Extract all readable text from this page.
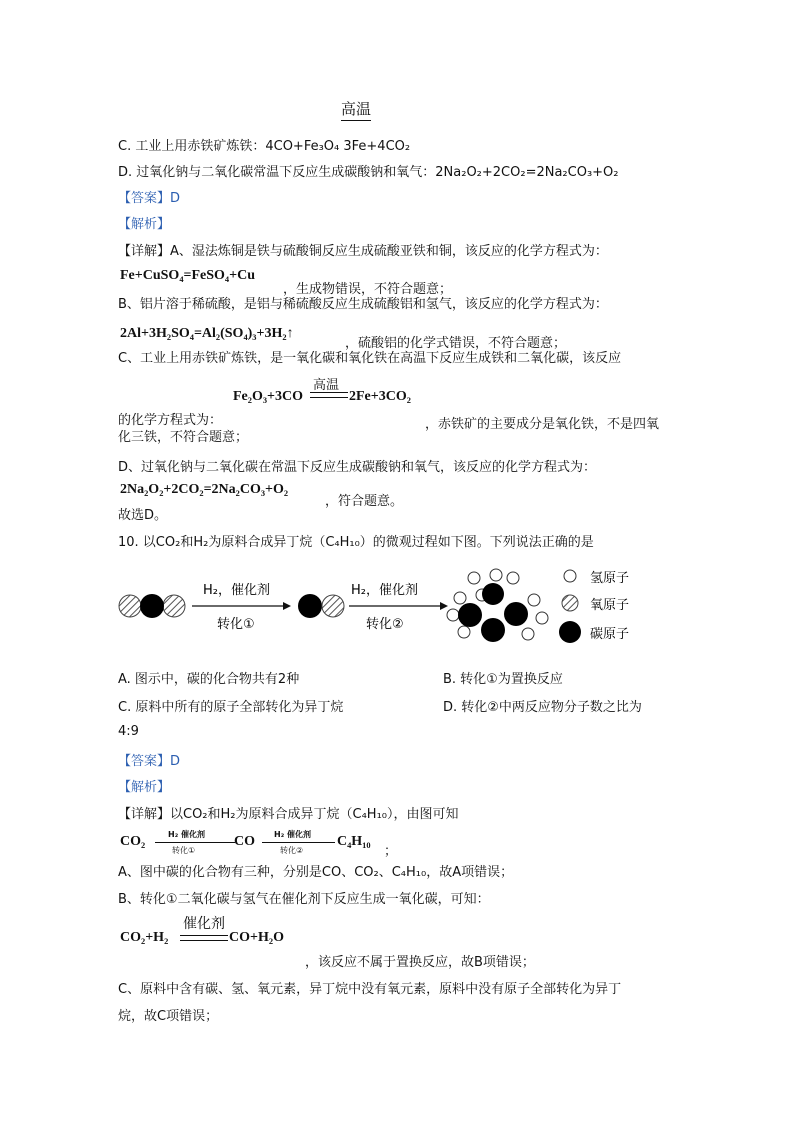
高温
C. 工业上用赤铁矿炼铁：4CO+Fe₃O₄ 3Fe+4CO₂
D. 过氧化钠与二氧化碳常温下反应生成碳酸钠和氧气：2Na₂O₂+2CO₂=2Na₂CO₃+O₂
【答案】D
【解析】
【详解】A、湿法炼铜是铁与硫酸铜反应生成硫酸亚铁和铜，该反应的化学方程式为：
Fe+CuSO₄=FeSO₄+Cu
，生成物错误，不符合题意；
B、铝片溶于稀硫酸，是铝与稀硫酸反应生成硫酸铝和氢气，该反应的化学方程式为：
2Al+3H₂SO₄=Al₂(SO₄)₃+3H₂↑
，硫酸铝的化学式错误，不符合题意；
C、工业上用赤铁矿炼铁，是一氧化碳和氧化铁在高温下反应生成铁和二氧化碳，该反应
Fe₂O₃+3CO
高温
2Fe+3CO₂
的化学方程式为：	，赤铁矿的主要成分是氧化铁，不是四氧
化三铁，不符合题意；
D、过氧化钠与二氧化碳在常温下反应生成碳酸钠和氧气，该反应的化学方程式为：
2Na₂O₂+2CO₂=2Na₂CO₃+O₂
，符合题意。
故选D。
10. 以CO₂和H₂为原料合成异丁烷（C₄H₁₀）的微观过程如下图。下列说法正确的是
H₂，催化剂
转化①
H₂，催化剂
转化②
氢原子
氧原子
碳原子
A. 图示中，碳的化合物共有2种	B. 转化①为置换反应
C. 原料中所有的原子全部转化为异丁烷	D. 转化②中两反应物分子数之比为
4:9
【答案】D
【解析】
【详解】以CO₂和H₂为原料合成异丁烷（C₄H₁₀），由图可知
CO₂	H₂ 催化剂
转化①
CO H₂ 催化剂
转化②
C₄H₁₀
；
A、图中碳的化合物有三种，分别是CO、CO₂、C₄H₁₀，故A项错误；
B、转化①二氧化碳与氢气在催化剂下反应生成一氧化碳，可知：
催化剂
CO₂+H₂	CO+H₂O
，该反应不属于置换反应，故B项错误；
C、原料中含有碳、氢、氧元素，异丁烷中没有氧元素，原料中没有原子全部转化为异丁
烷，故C项错误；
